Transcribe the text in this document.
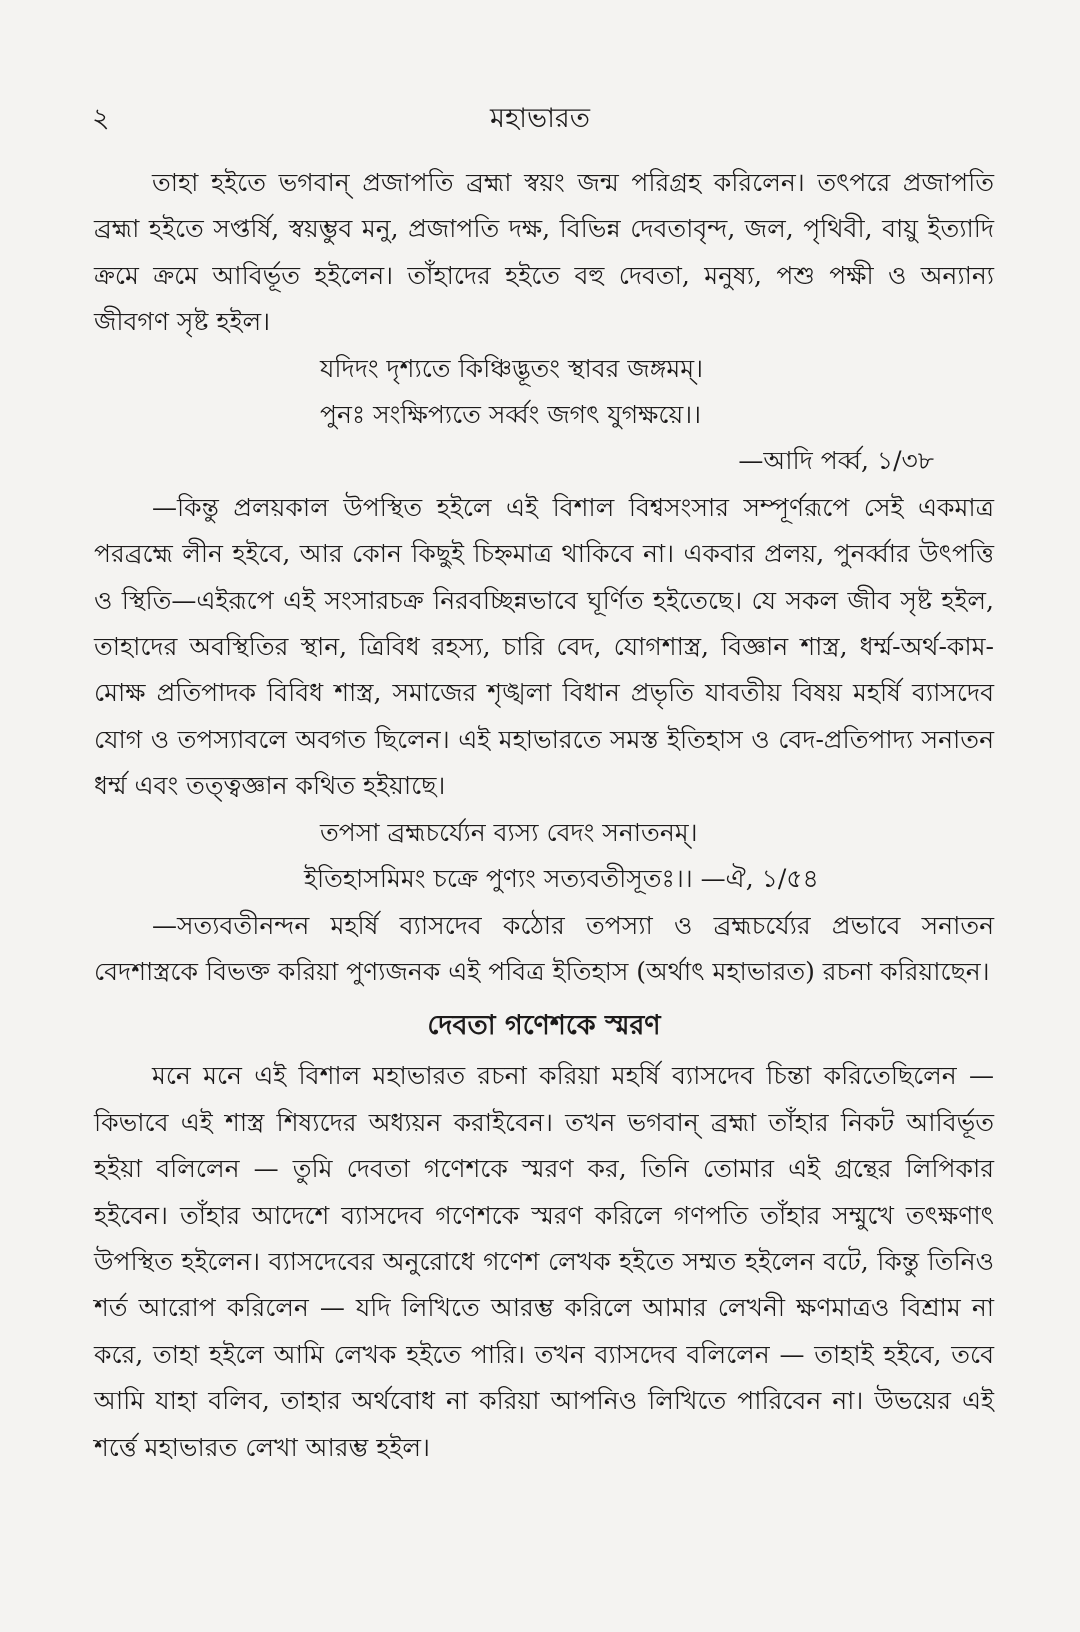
২	মহাভারত

তাহা হইতে ভগবান্ প্রজাপতি ব্রহ্মা স্বয়ং জন্ম পরিগ্রহ করিলেন। তৎপরে প্রজাপতি ব্রহ্মা হইতে সপ্তর্ষি, স্বয়ম্ভুব মনু, প্রজাপতি দক্ষ, বিভিন্ন দেবতাবৃন্দ, জল, পৃথিবী, বায়ু ইত্যাদি ক্রমে ক্রমে আবির্ভূত হইলেন। তাঁহাদের হইতে বহু দেবতা, মনুষ্য, পশু পক্ষী ও অন্যান্য জীবগণ সৃষ্ট হইল।

যদিদং দৃশ্যতে কিঞ্চিদ্ভূতং স্থাবর জঙ্গমম্।
পুনঃ সংক্ষিপ্যতে সর্ব্বং জগৎ যুগক্ষয়ে।।
—আদি পর্ব্ব, ১/৩৮

—কিন্তু প্রলয়কাল উপস্থিত হইলে এই বিশাল বিশ্বসংসার সম্পূর্ণরূপে সেই একমাত্র পরব্রহ্মে লীন হইবে, আর কোন কিছুই চিহ্নমাত্র থাকিবে না। একবার প্রলয়, পুনর্ব্বার উৎপত্তি ও স্থিতি—এইরূপে এই সংসারচক্র নিরবচ্ছিন্নভাবে ঘূর্ণিত হইতেছে। যে সকল জীব সৃষ্ট হইল, তাহাদের অবস্থিতির স্থান, ত্রিবিধ রহস্য, চারি বেদ, যোগশাস্ত্র, বিজ্ঞান শাস্ত্র, ধর্ম্ম-অর্থ-কাম-মোক্ষ প্রতিপাদক বিবিধ শাস্ত্র, সমাজের শৃঙ্খলা বিধান প্রভৃতি যাবতীয় বিষয় মহর্ষি ব্যাসদেব যোগ ও তপস্যাবলে অবগত ছিলেন। এই মহাভারতে সমস্ত ইতিহাস ও বেদ-প্রতিপাদ্য সনাতন ধর্ম্ম এবং তত্ত্বজ্ঞান কথিত হইয়াছে।

তপসা ব্রহ্মচর্য্যেন ব্যস্য বেদং সনাতনম্।
ইতিহাসমিমং চক্রে পুণ্যং সত্যবতীসূতঃ।। —ঐ, ১/৫৪

—সত্যবতীনন্দন মহর্ষি ব্যাসদেব কঠোর তপস্যা ও ব্রহ্মচর্য্যের প্রভাবে সনাতন বেদশাস্ত্রকে বিভক্ত করিয়া পুণ্যজনক এই পবিত্র ইতিহাস (অর্থাৎ মহাভারত) রচনা করিয়াছেন।

দেবতা গণেশকে স্মরণ

মনে মনে এই বিশাল মহাভারত রচনা করিয়া মহর্ষি ব্যাসদেব চিন্তা করিতেছিলেন — কিভাবে এই শাস্ত্র শিষ্যদের অধ্যয়ন করাইবেন। তখন ভগবান্ ব্রহ্মা তাঁহার নিকট আবির্ভূত হইয়া বলিলেন — তুমি দেবতা গণেশকে স্মরণ কর, তিনি তোমার এই গ্রন্থের লিপিকার হইবেন। তাঁহার আদেশে ব্যাসদেব গণেশকে স্মরণ করিলে গণপতি তাঁহার সম্মুখে তৎক্ষণাৎ উপস্থিত হইলেন। ব্যাসদেবের অনুরোধে গণেশ লেখক হইতে সম্মত হইলেন বটে, কিন্তু তিনিও শর্ত আরোপ করিলেন — যদি লিখিতে আরম্ভ করিলে আমার লেখনী ক্ষণমাত্রও বিশ্রাম না করে, তাহা হইলে আমি লেখক হইতে পারি। তখন ব্যাসদেব বলিলেন — তাহাই হইবে, তবে আমি যাহা বলিব, তাহার অর্থবোধ না করিয়া আপনিও লিখিতে পারিবেন না। উভয়ের এই শর্ত্তে মহাভারত লেখা আরম্ভ হইল।
